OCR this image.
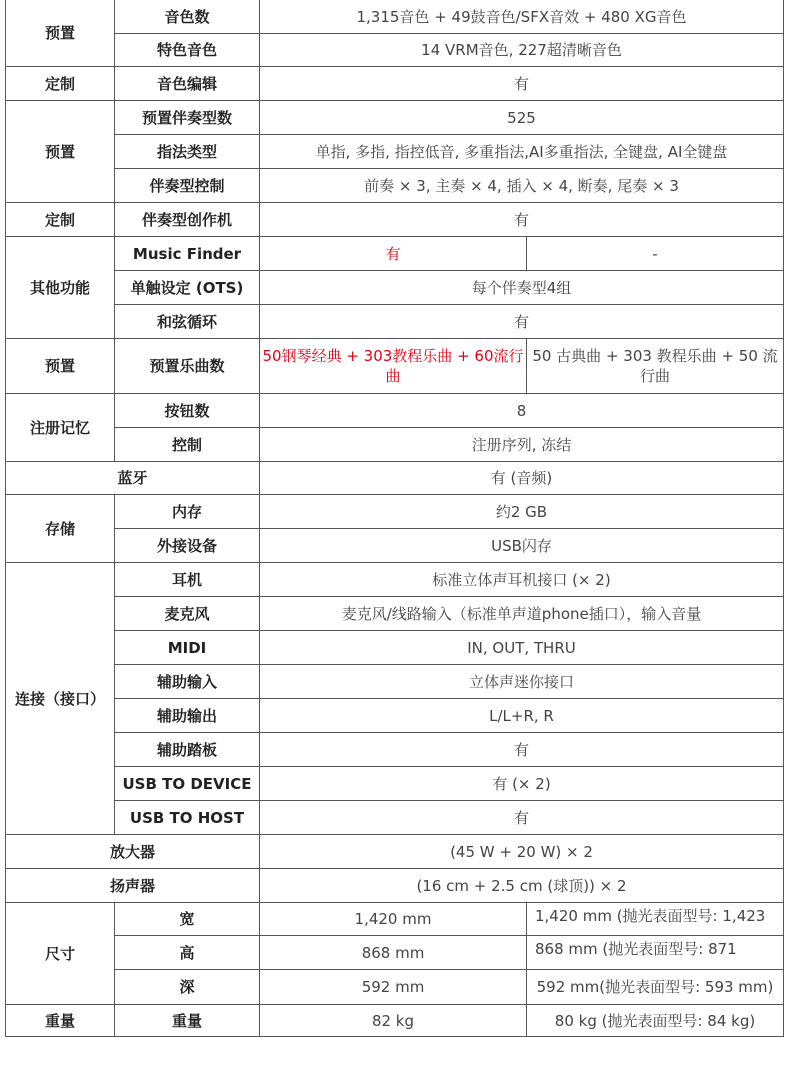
预置	音色数	1,315音色 + 49鼓音色/SFX音效 + 480 XG音色	
	特色音色	14 VRM音色, 227超清晰音色	
定制	音色编辑	有	
预置	预置伴奏型数	525	
	指法类型	单指, 多指, 指控低音, 多重指法,AI多重指法, 全键盘, AI全键盘	
	伴奏型控制	前奏 × 3, 主奏 × 4, 插入 × 4, 断奏, 尾奏 × 3	
定制	伴奏型创作机	有	
其他功能	Music Finder	有	-
	单触设定 (OTS)	每个伴奏型4组	
	和弦循环	有	
预置	预置乐曲数	50钢琴经典 + 303教程乐曲 + 60流行曲	50 古典曲 + 303 教程乐曲 + 50 流行曲
注册记忆	按钮数	8	
	控制	注册序列, 冻结	
蓝牙		有 (音频)	
存储	内存	约2 GB	
	外接设备	USB闪存	
连接（接口）	耳机	标准立体声耳机接口 (× 2)	
	麦克风	麦克风/线路输入（标准单声道phone插口），输入音量	
	MIDI	IN, OUT, THRU	
	辅助输入	立体声迷你接口	
	辅助输出	L/L+R, R	
	辅助踏板	有	
	USB TO DEVICE	有 (× 2)	
	USB TO HOST	有	
放大器		(45 W + 20 W) × 2	
扬声器		(16 cm + 2.5 cm (球顶)) × 2	
尺寸	宽	1,420 mm	1,420 mm (抛光表面型号: 1,423
	高	868 mm	868 mm (抛光表面型号: 871
	深	592 mm	592 mm(抛光表面型号: 593 mm)
重量	重量	82 kg	80 kg (抛光表面型号: 84 kg)
